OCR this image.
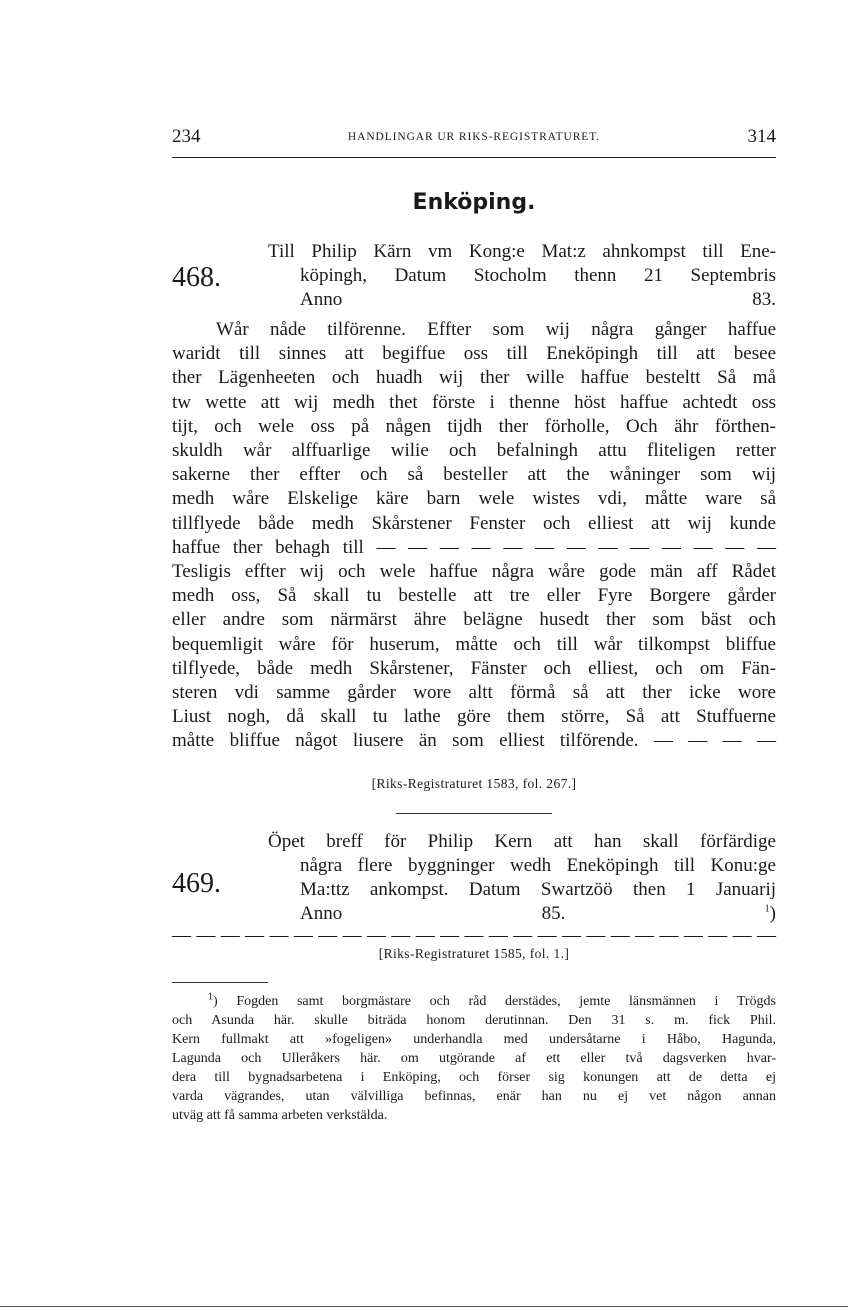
234	HANDLINGAR UR RIKS-REGISTRATURET.	314
Enköping.
468.
Till Philip Kärn vm Kong:e Mat:z ahnkompst till Ene-
köpingh, Datum Stocholm thenn 21 Septembris
Anno 83.
Wår nåde tilförenne. Effter som wij några gånger haffue
waridt till sinnes att begiffue oss till Eneköpingh till att besee
ther Lägenheeten och huadh wij ther wille haffue besteltt Så må
tw wette att wij medh thet förste i thenne höst haffue achtedt oss
tijt, och wele oss på någen tijdh ther förholle, Och ähr förthen-
skuldh wår alffuarlige wilie och befalningh attu fliteligen retter
sakerne ther effter och så besteller att the wåninger som wij
medh wåre Elskelige käre barn wele wistes vdi, måtte ware så
tillflyede både medh Skårstener Fenster och elliest att wij kunde
haffue ther behagh till — — — — — — — — — — — — —
Tesligis effter wij och wele haffue några wåre gode män aff Rådet
medh oss, Så skall tu bestelle att tre eller Fyre Borgere gårder
eller andre som närmärst ähre belägne husedt ther som bäst och
bequemligit wåre för huserum, måtte och till wår tilkompst bliffue
tilflyede, både medh Skårstener, Fänster och elliest, och om Fän-
steren vdi samme gårder wore altt förmå så att ther icke wore
Liust nogh, då skall tu lathe göre them större, Så att Stuffuerne
måtte bliffue något liusere än som elliest tilförende. — — — —
[Riks-Registraturet 1583, fol. 267.]
469.
Öpet breff för Philip Kern att han skall förfärdige
några flere byggninger wedh Eneköpingh till Konu:ge
Ma:ttz ankompst. Datum Swartzöö then 1 Januarij
Anno 85.	$^1$)
— — — — — — — — — — — — — — — — — — — — — — — — —
[Riks-Registraturet 1585, fol. 1.]
$^1$) Fogden samt borgmästare och råd derstädes, jemte länsmännen i Trögds
och Asunda här. skulle biträda honom derutinnan. Den 31 s. m. fick Phil.
Kern fullmakt att »fogeligen» underhandla med undersåtarne i Håbo, Hagunda,
Lagunda och Ulleråkers här. om utgörande af ett eller två dagsverken hvar-
dera till bygnadsarbetena i Enköping, och förser sig konungen att de detta ej
varda vägrandes, utan välvilliga befinnas, enär han nu ej vet någon annan
utväg att få samma arbeten verkstälda.
